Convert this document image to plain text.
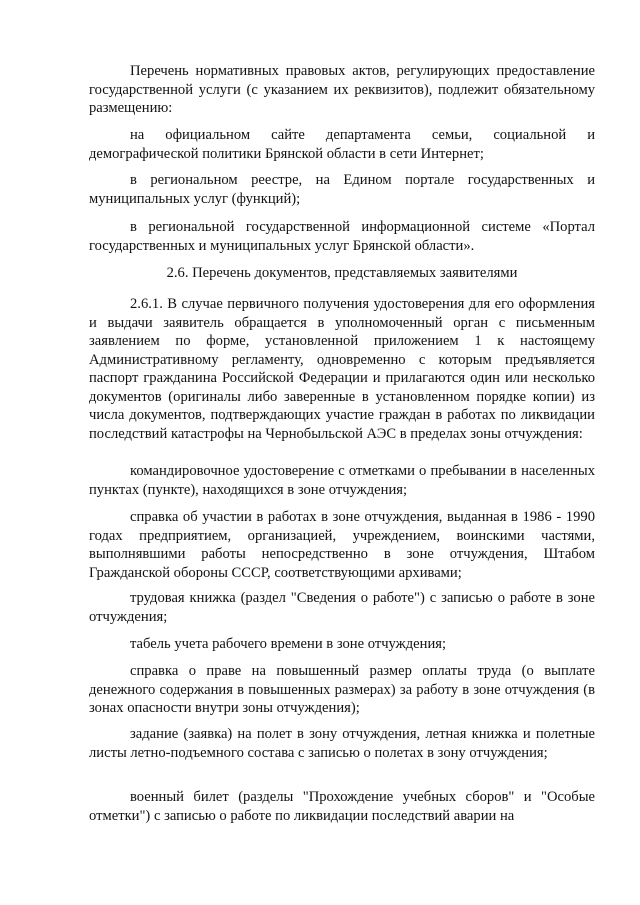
Перечень нормативных правовых актов, регулирующих предоставление государственной услуги (с указанием их реквизитов), подлежит обязательному размещению:

на официальном сайте департамента семьи, социальной и демографической политики Брянской области в сети Интернет;

в региональном реестре, на Едином портале государственных и муниципальных услуг (функций);

в региональной государственной информационной системе «Портал государственных и муниципальных услуг Брянской области».

2.6. Перечень документов, представляемых заявителями

2.6.1. В случае первичного получения удостоверения для его оформления и выдачи заявитель обращается в уполномоченный орган с письменным заявлением по форме, установленной приложением 1 к настоящему Административному регламенту, одновременно с которым предъявляется паспорт гражданина Российской Федерации и прилагаются один или несколько документов (оригиналы либо заверенные в установленном порядке копии) из числа документов, подтверждающих участие граждан в работах по ликвидации последствий катастрофы на Чернобыльской АЭС в пределах зоны отчуждения:

командировочное удостоверение с отметками о пребывании в населенных пунктах (пункте), находящихся в зоне отчуждения;

справка об участии в работах в зоне отчуждения, выданная в 1986 - 1990 годах предприятием, организацией, учреждением, воинскими частями, выполнявшими работы непосредственно в зоне отчуждения, Штабом Гражданской обороны СССР, соответствующими архивами;

трудовая книжка (раздел "Сведения о работе") с записью о работе в зоне отчуждения;

табель учета рабочего времени в зоне отчуждения;

справка о праве на повышенный размер оплаты труда (о выплате денежного содержания в повышенных размерах) за работу в зоне отчуждения (в зонах опасности внутри зоны отчуждения);

задание (заявка) на полет в зону отчуждения, летная книжка и полетные листы летно-подъемного состава с записью о полетах в зону отчуждения;

военный билет (разделы "Прохождение учебных сборов" и "Особые отметки") с записью о работе по ликвидации последствий аварии на
